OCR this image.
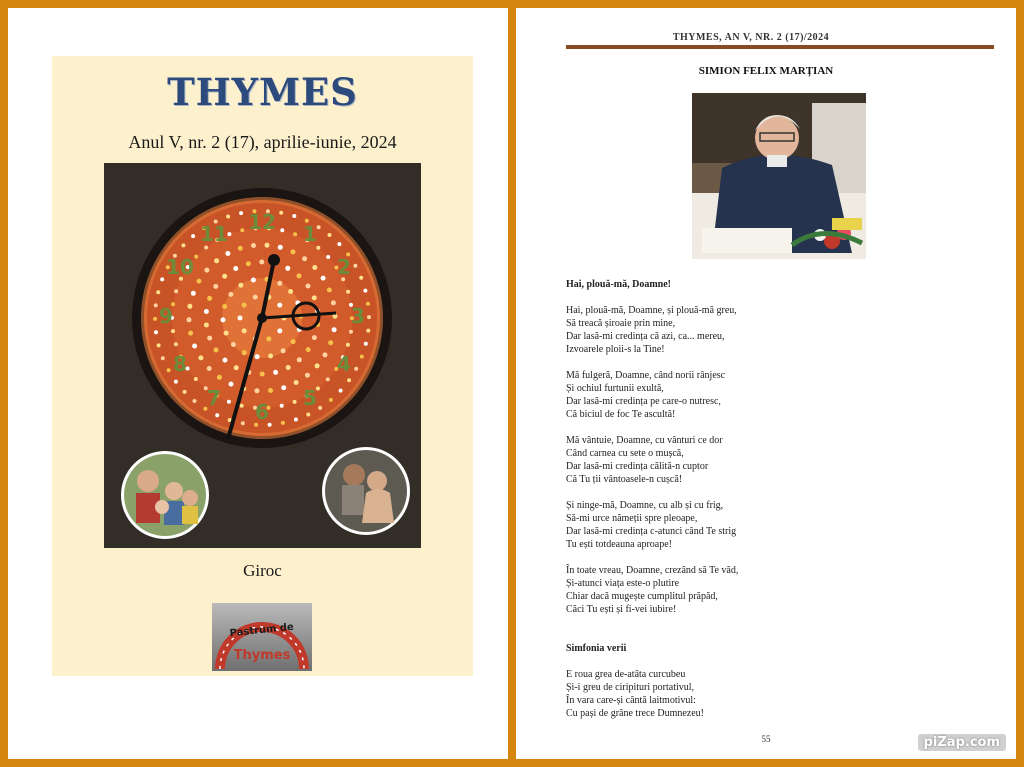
THYMES
Anul V, nr. 2 (17), aprilie-iunie, 2024
12 1
2
3
4
5
6
7
8
9
10
11
Giroc
Pastrum de
Thymes
THYMES, AN V, NR. 2 (17)/2024
SIMION FELIX MARȚIAN
Hai, plouă-mă, Doamne!
Hai, plouă-mă, Doamne, și plouă-mă greu,
Să treacă șiroaie prin mine,
Dar lasă-mi credința că azi, ca... mereu,
Izvoarele ploii-s la Tine!
Mă fulgeră, Doamne, când norii rânjesc
Și ochiul furtunii exultă,
Dar lasă-mi credința pe care-o nutresc,
Că biciul de foc Te ascultă!
Mă vântuie, Doamne, cu vânturi ce dor
Când carnea cu sete o mușcă,
Dar lasă-mi credința călită-n cuptor
Că Tu ții vântoasele-n cușcă!
Și ninge-mă, Doamne, cu alb și cu frig,
Să-mi urce nămeții spre pleoape,
Dar lasă-mi credința c-atunci când Te strig
Tu ești totdeauna aproape!
În toate vreau, Doamne, crezând să Te văd,
Și-atunci viața este-o plutire
Chiar dacă mugește cumplitul prăpăd,
Căci Tu ești și fi-vei iubire!
Simfonia verii
E roua grea de-atâta curcubeu
Și-i greu de ciripituri portativul,
În vara care-și cântă laitmotivul:
Cu pași de grâne trece Dumnezeu!
55	piZap.com
